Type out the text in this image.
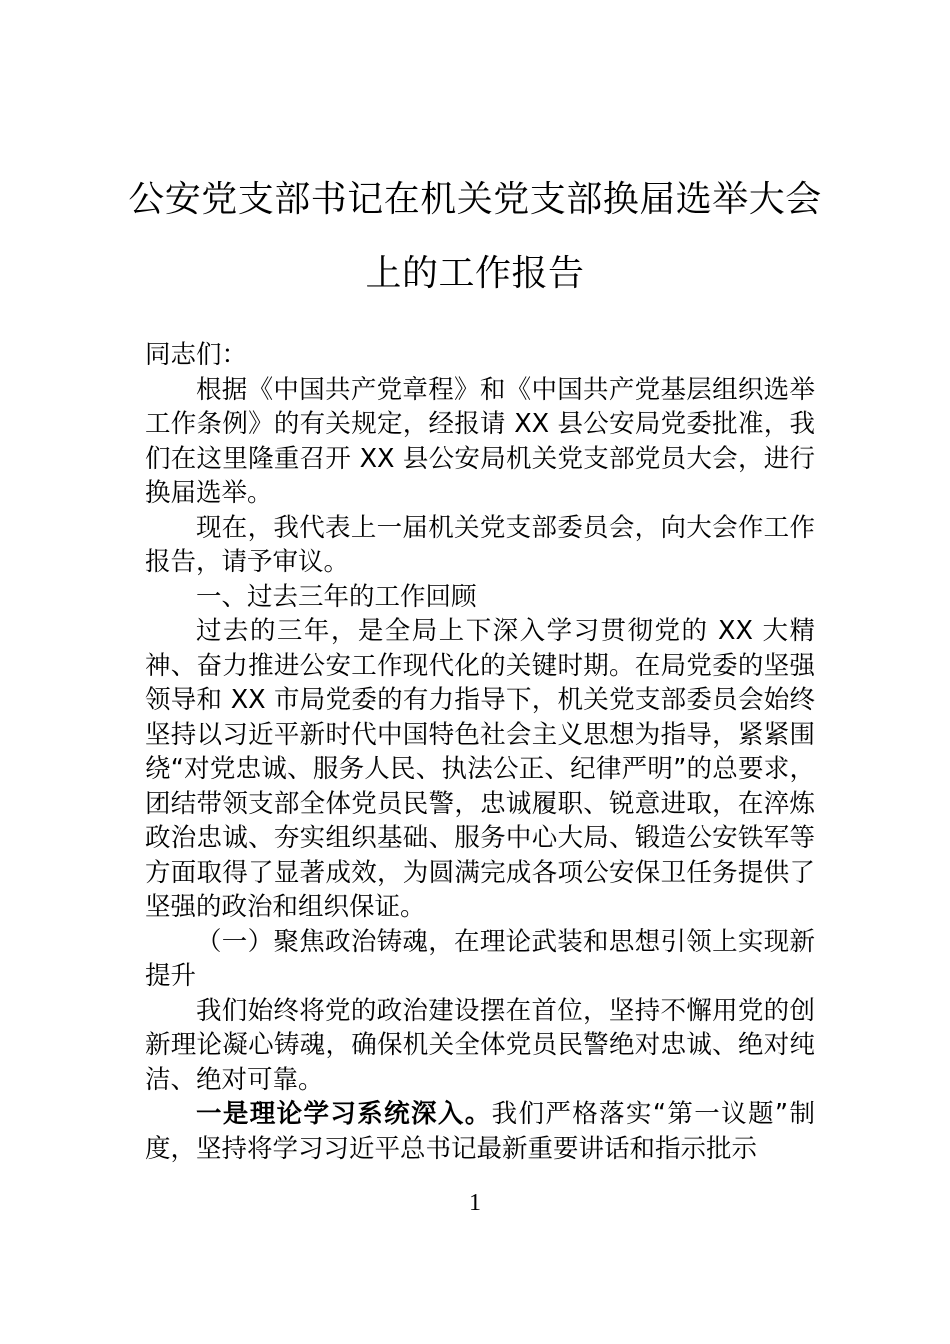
公安党支部书记在机关党支部换届选举大会上的工作报告

同志们：

根据《中国共产党章程》和《中国共产党基层组织选举工作条例》的有关规定，经报请 XX 县公安局党委批准，我们在这里隆重召开 XX 县公安局机关党支部党员大会，进行换届选举。

现在，我代表上一届机关党支部委员会，向大会作工作报告，请予审议。

一、过去三年的工作回顾

过去的三年，是全局上下深入学习贯彻党的 XX 大精神、奋力推进公安工作现代化的关键时期。在局党委的坚强领导和 XX 市局党委的有力指导下，机关党支部委员会始终坚持以习近平新时代中国特色社会主义思想为指导，紧紧围绕“对党忠诚、服务人民、执法公正、纪律严明”的总要求，团结带领支部全体党员民警，忠诚履职、锐意进取，在淬炼政治忠诚、夯实组织基础、服务中心大局、锻造公安铁军等方面取得了显著成效，为圆满完成各项公安保卫任务提供了坚强的政治和组织保证。

（一）聚焦政治铸魂，在理论武装和思想引领上实现新提升

我们始终将党的政治建设摆在首位，坚持不懈用党的创新理论凝心铸魂，确保机关全体党员民警绝对忠诚、绝对纯洁、绝对可靠。

一是理论学习系统深入。我们严格落实“第一议题”制度，坚持将学习习近平总书记最新重要讲话和指示批示

1
